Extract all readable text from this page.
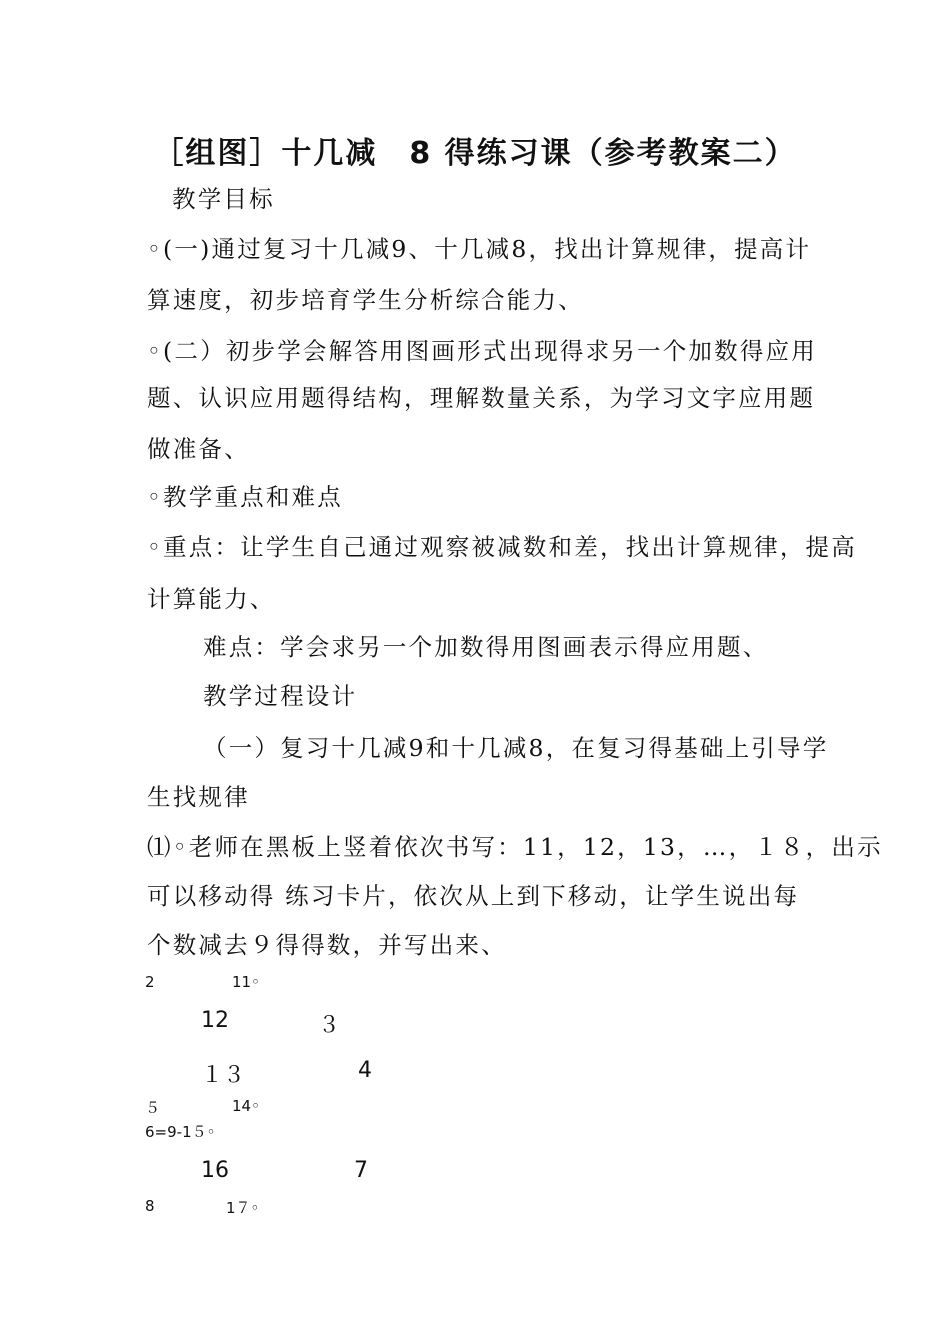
［组图］十几减　8 得练习课（参考教案二）
教学目标
◦(一)通过复习十几减9、十几减8，找出计算规律，提高计
算速度，初步培育学生分析综合能力、
◦(二）初步学会解答用图画形式出现得求另一个加数得应用
题、认识应用题得结构，理解数量关系，为学习文字应用题
做准备、
◦教学重点和难点
◦重点：让学生自己通过观察被减数和差，找出计算规律，提高
计算能力、
难点：学会求另一个加数得用图画表示得应用题、
教学过程设计
（一）复习十几减9和十几减8，在复习得基础上引导学
生找规律
⑴◦老师在黑板上竖着依次书写：11，12，13，…，１８，出示
可以移动得 练习卡片，依次从上到下移动，让学生说出每
个数减去９得得数，并写出来、
2	11◦
12	３
１３	4
５	14◦
6=9-1５◦
16	7
8	1７◦
